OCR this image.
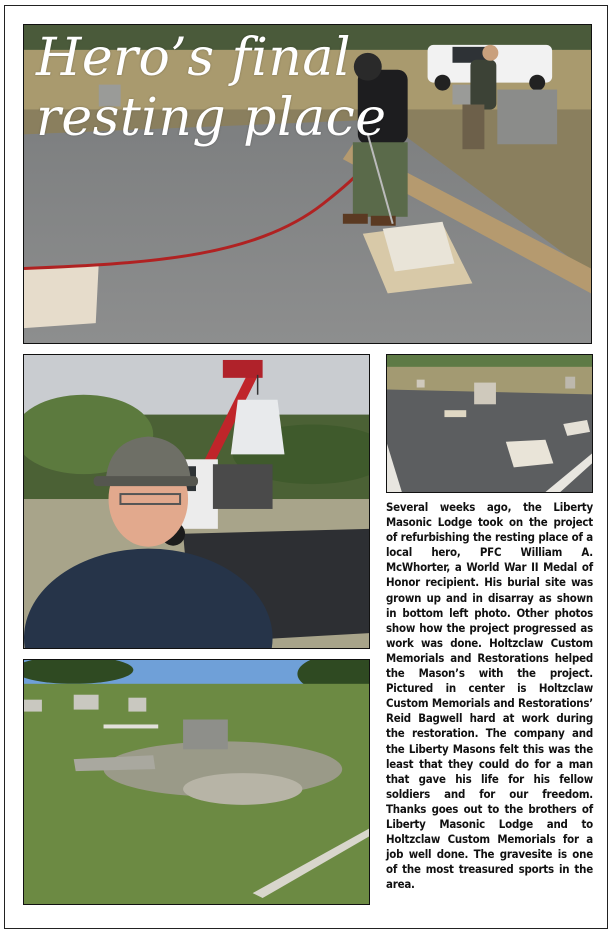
Hero’s final
resting place

Several weeks ago, the Liberty Masonic Lodge took on the project of refurbishing the resting place of a local hero, PFC William A. McWhorter, a World War II Medal of Honor recipient. His burial site was grown up and in disarray as shown in bottom left photo. Other photos show how the project progressed as work was done. Holtzclaw Custom Memorials and Restorations helped the Mason’s with the project. Pictured in center is Holtzclaw Custom Memorials and Restorations’ Reid Bagwell hard at work during the restoration. The company and the Liberty Masons felt this was the least that they could do for a man that gave his life for his fellow soldiers and for our freedom. Thanks goes out to the brothers of Liberty Masonic Lodge and to Holtzclaw Custom Memorials for a job well done. The gravesite is one of the most treasured sports in the area.
